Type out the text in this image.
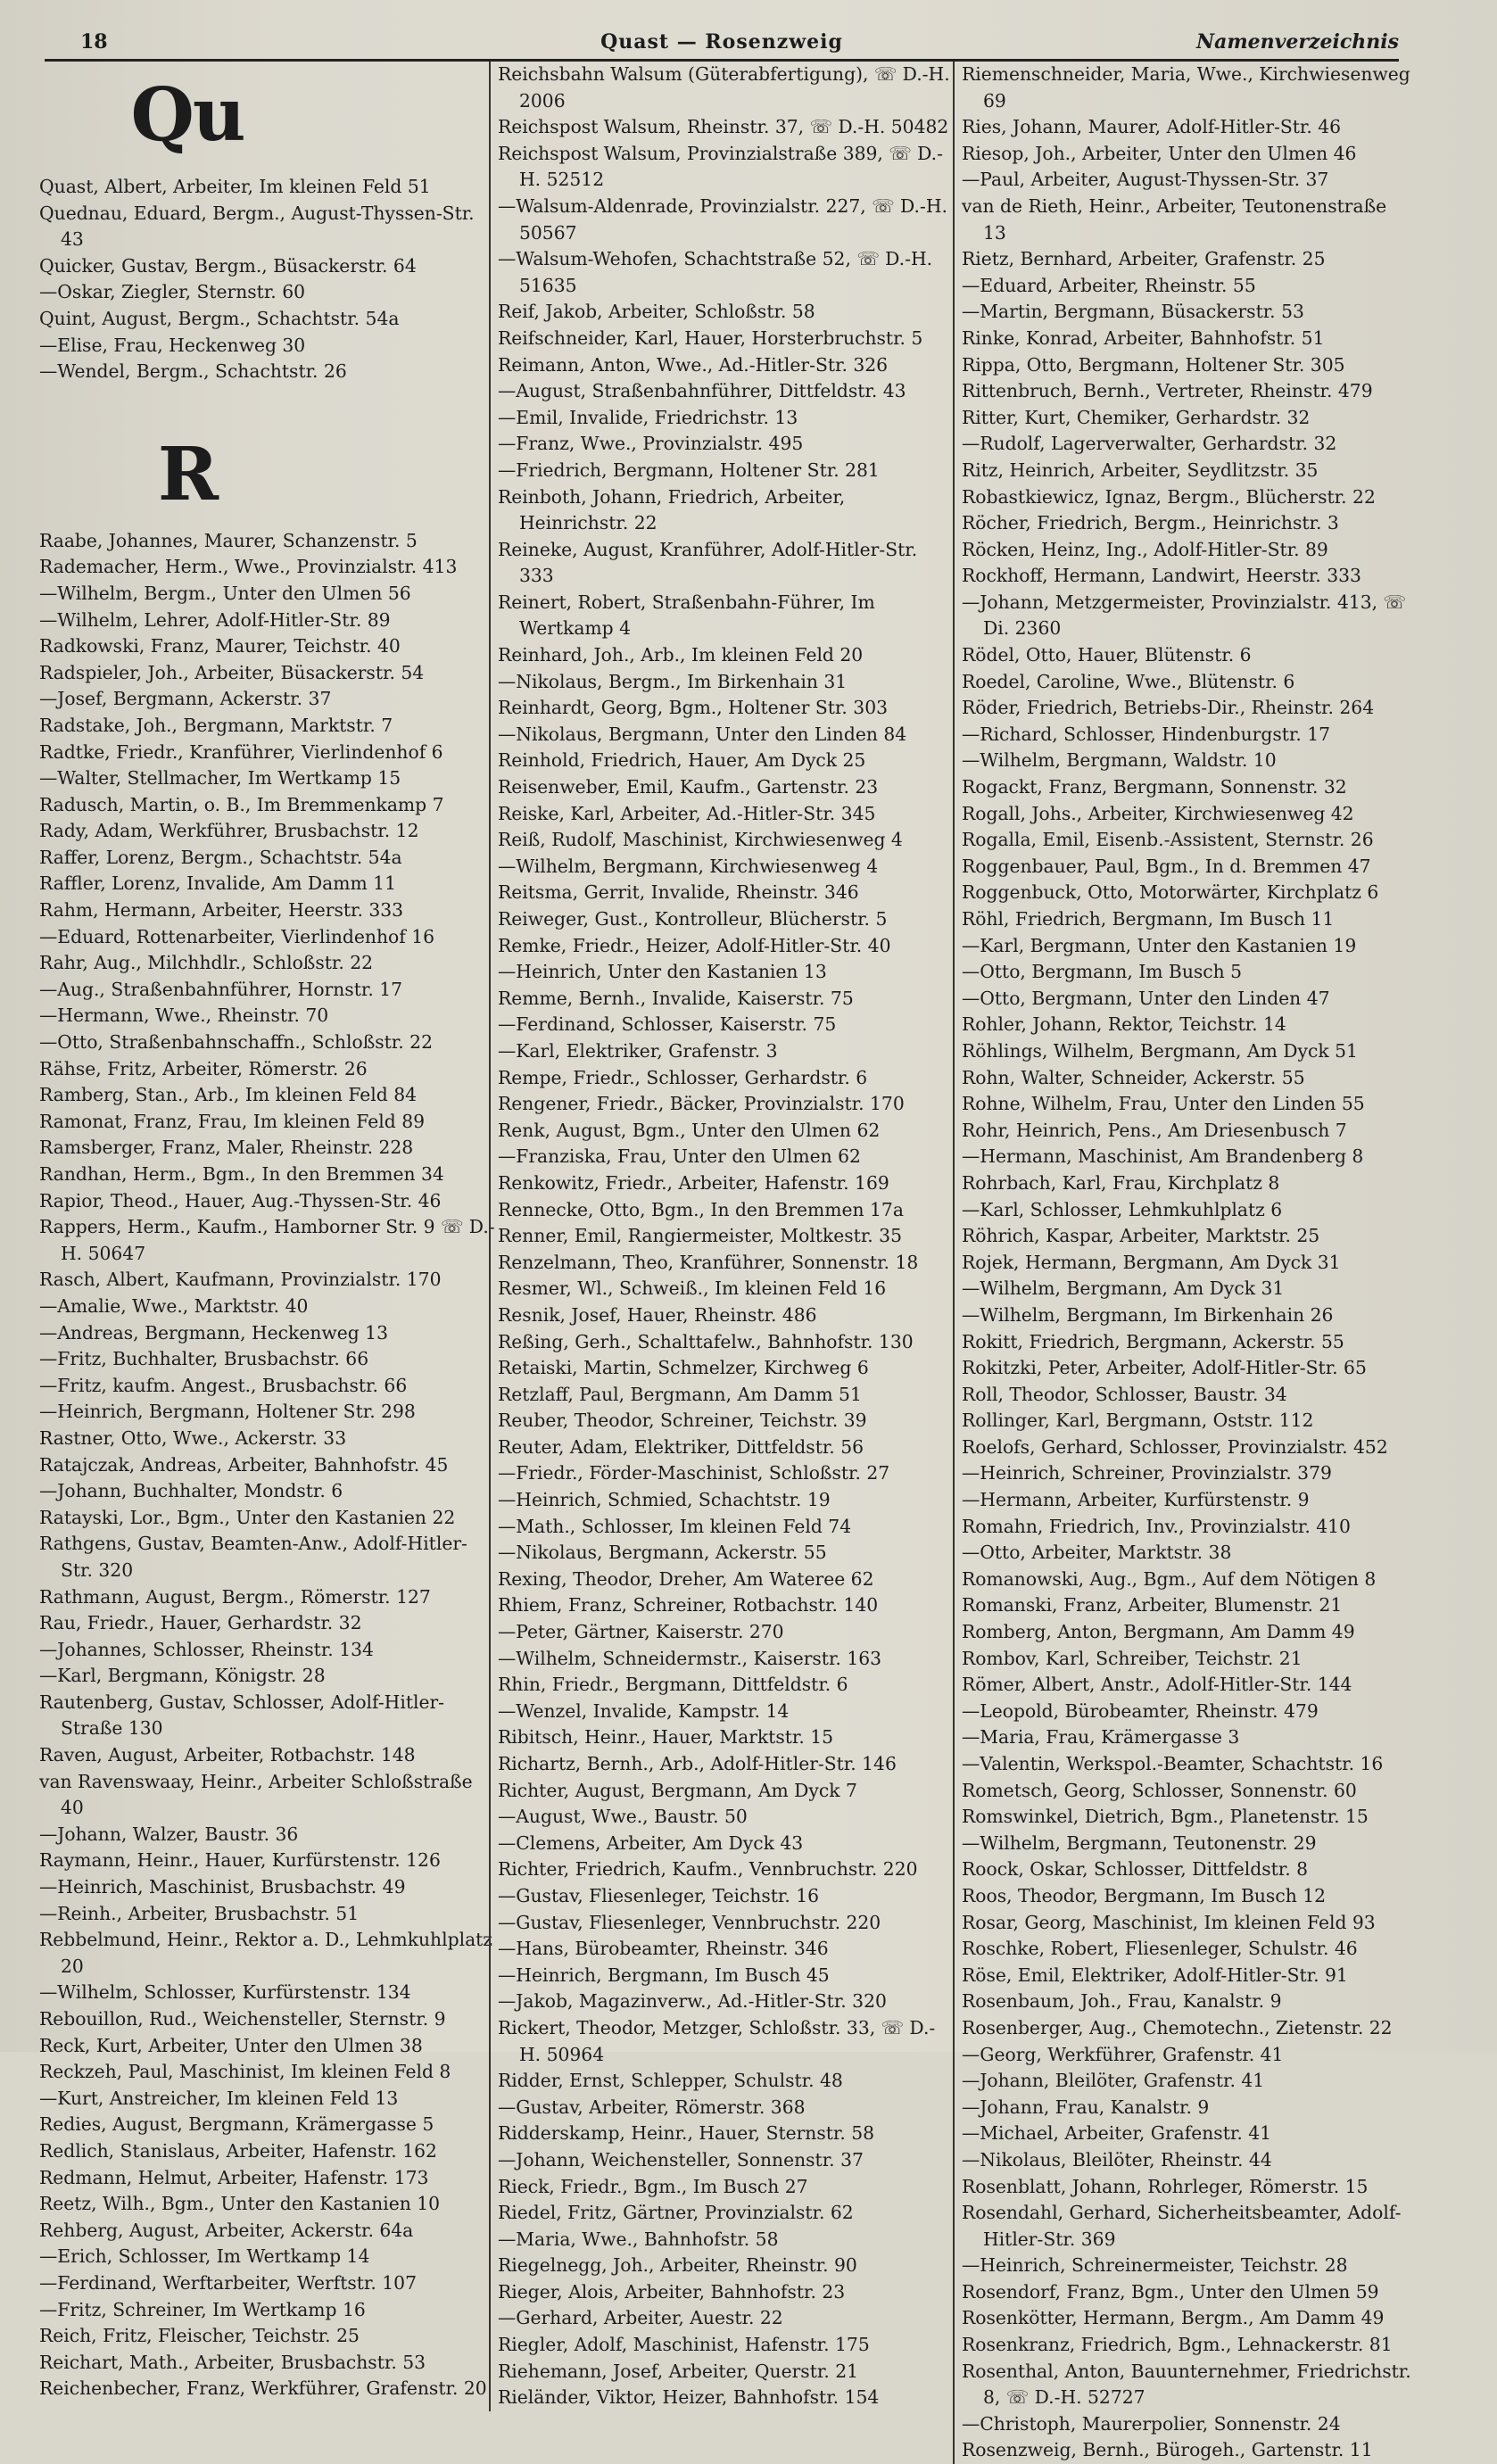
18	Quast — Rosenzweig	Namenverzeichnis
Qu
Quast, Albert, Arbeiter, Im kleinen Feld 51
Quednau, Eduard, Bergm., August-Thyssen-Str. 43
Quicker, Gustav, Bergm., Büsackerstr. 64
—Oskar, Ziegler, Sternstr. 60
Quint, August, Bergm., Schachtstr. 54a
—Elise, Frau, Heckenweg 30
—Wendel, Bergm., Schachtstr. 26
R
Raabe, Johannes, Maurer, Schanzenstr. 5
Rademacher, Herm., Wwe., Provinzialstr. 413
—Wilhelm, Bergm., Unter den Ulmen 56
—Wilhelm, Lehrer, Adolf-Hitler-Str. 89
Radkowski, Franz, Maurer, Teichstr. 40
Radspieler, Joh., Arbeiter, Büsackerstr. 54
—Josef, Bergmann, Ackerstr. 37
Radstake, Joh., Bergmann, Marktstr. 7
Radtke, Friedr., Kranführer, Vierlindenhof 6
—Walter, Stellmacher, Im Wertkamp 15
Radusch, Martin, o. B., Im Bremmenkamp 7
Rady, Adam, Werkführer, Brusbachstr. 12
Raffer, Lorenz, Bergm., Schachtstr. 54a
Raffler, Lorenz, Invalide, Am Damm 11
Rahm, Hermann, Arbeiter, Heerstr. 333
—Eduard, Rottenarbeiter, Vierlindenhof 16
Rahr, Aug., Milchhdlr., Schloßstr. 22
—Aug., Straßenbahnführer, Hornstr. 17
—Hermann, Wwe., Rheinstr. 70
—Otto, Straßenbahnschaffn., Schloßstr. 22
Rähse, Fritz, Arbeiter, Römerstr. 26
Ramberg, Stan., Arb., Im kleinen Feld 84
Ramonat, Franz, Frau, Im kleinen Feld 89
Ramsberger, Franz, Maler, Rheinstr. 228
Randhan, Herm., Bgm., In den Bremmen 34
Rapior, Theod., Hauer, Aug.-Thyssen-Str. 46
Rappers, Herm., Kaufm., Hamborner Str. 9 ☏ D.-H. 50647
Rasch, Albert, Kaufmann, Provinzialstr. 170
—Amalie, Wwe., Marktstr. 40
—Andreas, Bergmann, Heckenweg 13
—Fritz, Buchhalter, Brusbachstr. 66
—Fritz, kaufm. Angest., Brusbachstr. 66
—Heinrich, Bergmann, Holtener Str. 298
Rastner, Otto, Wwe., Ackerstr. 33
Ratajczak, Andreas, Arbeiter, Bahnhofstr. 45
—Johann, Buchhalter, Mondstr. 6
Ratayski, Lor., Bgm., Unter den Kastanien 22
Rathgens, Gustav, Beamten-Anw., Adolf-Hitler-Str. 320
Rathmann, August, Bergm., Römerstr. 127
Rau, Friedr., Hauer, Gerhardstr. 32
—Johannes, Schlosser, Rheinstr. 134
—Karl, Bergmann, Königstr. 28
Rautenberg, Gustav, Schlosser, Adolf-Hitler-Straße 130
Raven, August, Arbeiter, Rotbachstr. 148
van Ravenswaay, Heinr., Arbeiter Schloßstraße 40
—Johann, Walzer, Baustr. 36
Raymann, Heinr., Hauer, Kurfürstenstr. 126
—Heinrich, Maschinist, Brusbachstr. 49
—Reinh., Arbeiter, Brusbachstr. 51
Rebbelmund, Heinr., Rektor a. D., Lehmkuhlplatz 20
—Wilhelm, Schlosser, Kurfürstenstr. 134
Rebouillon, Rud., Weichensteller, Sternstr. 9
Reck, Kurt, Arbeiter, Unter den Ulmen 38
Reckzeh, Paul, Maschinist, Im kleinen Feld 8
—Kurt, Anstreicher, Im kleinen Feld 13
Redies, August, Bergmann, Krämergasse 5
Redlich, Stanislaus, Arbeiter, Hafenstr. 162
Redmann, Helmut, Arbeiter, Hafenstr. 173
Reetz, Wilh., Bgm., Unter den Kastanien 10
Rehberg, August, Arbeiter, Ackerstr. 64a
—Erich, Schlosser, Im Wertkamp 14
—Ferdinand, Werftarbeiter, Werftstr. 107
—Fritz, Schreiner, Im Wertkamp 16
Reich, Fritz, Fleischer, Teichstr. 25
Reichart, Math., Arbeiter, Brusbachstr. 53
Reichenbecher, Franz, Werkführer, Grafenstr. 20
Reichsbahn Walsum (Güterabfertigung), ☏ D.-H. 2006
Reichspost Walsum, Rheinstr. 37, ☏ D.-H. 50482
Reichspost Walsum, Provinzialstraße 389, ☏ D.-H. 52512
—Walsum-Aldenrade, Provinzialstr. 227, ☏ D.-H. 50567
—Walsum-Wehofen, Schachtstraße 52, ☏ D.-H. 51635
Reif, Jakob, Arbeiter, Schloßstr. 58
Reifschneider, Karl, Hauer, Horsterbruchstr. 5
Reimann, Anton, Wwe., Ad.-Hitler-Str. 326
—August, Straßenbahnführer, Dittfeldstr. 43
—Emil, Invalide, Friedrichstr. 13
—Franz, Wwe., Provinzialstr. 495
—Friedrich, Bergmann, Holtener Str. 281
Reinboth, Johann, Friedrich, Arbeiter, Heinrichstr. 22
Reineke, August, Kranführer, Adolf-Hitler-Str. 333
Reinert, Robert, Straßenbahn-Führer, Im Wertkamp 4
Reinhard, Joh., Arb., Im kleinen Feld 20
—Nikolaus, Bergm., Im Birkenhain 31
Reinhardt, Georg, Bgm., Holtener Str. 303
—Nikolaus, Bergmann, Unter den Linden 84
Reinhold, Friedrich, Hauer, Am Dyck 25
Reisenweber, Emil, Kaufm., Gartenstr. 23
Reiske, Karl, Arbeiter, Ad.-Hitler-Str. 345
Reiß, Rudolf, Maschinist, Kirchwiesenweg 4
—Wilhelm, Bergmann, Kirchwiesenweg 4
Reitsma, Gerrit, Invalide, Rheinstr. 346
Reiweger, Gust., Kontrolleur, Blücherstr. 5
Remke, Friedr., Heizer, Adolf-Hitler-Str. 40
—Heinrich, Unter den Kastanien 13
Remme, Bernh., Invalide, Kaiserstr. 75
—Ferdinand, Schlosser, Kaiserstr. 75
—Karl, Elektriker, Grafenstr. 3
Rempe, Friedr., Schlosser, Gerhardstr. 6
Rengener, Friedr., Bäcker, Provinzialstr. 170
Renk, August, Bgm., Unter den Ulmen 62
—Franziska, Frau, Unter den Ulmen 62
Renkowitz, Friedr., Arbeiter, Hafenstr. 169
Rennecke, Otto, Bgm., In den Bremmen 17a
Renner, Emil, Rangiermeister, Moltkestr. 35
Renzelmann, Theo, Kranführer, Sonnenstr. 18
Resmer, Wl., Schweiß., Im kleinen Feld 16
Resnik, Josef, Hauer, Rheinstr. 486
Reßing, Gerh., Schalttafelw., Bahnhofstr. 130
Retaiski, Martin, Schmelzer, Kirchweg 6
Retzlaff, Paul, Bergmann, Am Damm 51
Reuber, Theodor, Schreiner, Teichstr. 39
Reuter, Adam, Elektriker, Dittfeldstr. 56
—Friedr., Förder-Maschinist, Schloßstr. 27
—Heinrich, Schmied, Schachtstr. 19
—Math., Schlosser, Im kleinen Feld 74
—Nikolaus, Bergmann, Ackerstr. 55
Rexing, Theodor, Dreher, Am Wateree 62
Rhiem, Franz, Schreiner, Rotbachstr. 140
—Peter, Gärtner, Kaiserstr. 270
—Wilhelm, Schneidermstr., Kaiserstr. 163
Rhin, Friedr., Bergmann, Dittfeldstr. 6
—Wenzel, Invalide, Kampstr. 14
Ribitsch, Heinr., Hauer, Marktstr. 15
Richartz, Bernh., Arb., Adolf-Hitler-Str. 146
Richter, August, Bergmann, Am Dyck 7
—August, Wwe., Baustr. 50
—Clemens, Arbeiter, Am Dyck 43
Richter, Friedrich, Kaufm., Vennbruchstr. 220
—Gustav, Fliesenleger, Teichstr. 16
—Gustav, Fliesenleger, Vennbruchstr. 220
—Hans, Bürobeamter, Rheinstr. 346
—Heinrich, Bergmann, Im Busch 45
—Jakob, Magazinverw., Ad.-Hitler-Str. 320
Rickert, Theodor, Metzger, Schloßstr. 33, ☏ D.-H. 50964
Ridder, Ernst, Schlepper, Schulstr. 48
—Gustav, Arbeiter, Römerstr. 368
Ridderskamp, Heinr., Hauer, Sternstr. 58
—Johann, Weichensteller, Sonnenstr. 37
Rieck, Friedr., Bgm., Im Busch 27
Riedel, Fritz, Gärtner, Provinzialstr. 62
—Maria, Wwe., Bahnhofstr. 58
Riegelnegg, Joh., Arbeiter, Rheinstr. 90
Rieger, Alois, Arbeiter, Bahnhofstr. 23
—Gerhard, Arbeiter, Auestr. 22
Riegler, Adolf, Maschinist, Hafenstr. 175
Riehemann, Josef, Arbeiter, Querstr. 21
Rieländer, Viktor, Heizer, Bahnhofstr. 154
Riemenschneider, Maria, Wwe., Kirchwiesenweg 69
Ries, Johann, Maurer, Adolf-Hitler-Str. 46
Riesop, Joh., Arbeiter, Unter den Ulmen 46
—Paul, Arbeiter, August-Thyssen-Str. 37
van de Rieth, Heinr., Arbeiter, Teutonenstraße 13
Rietz, Bernhard, Arbeiter, Grafenstr. 25
—Eduard, Arbeiter, Rheinstr. 55
—Martin, Bergmann, Büsackerstr. 53
Rinke, Konrad, Arbeiter, Bahnhofstr. 51
Rippa, Otto, Bergmann, Holtener Str. 305
Rittenbruch, Bernh., Vertreter, Rheinstr. 479
Ritter, Kurt, Chemiker, Gerhardstr. 32
—Rudolf, Lagerverwalter, Gerhardstr. 32
Ritz, Heinrich, Arbeiter, Seydlitzstr. 35
Robastkiewicz, Ignaz, Bergm., Blücherstr. 22
Röcher, Friedrich, Bergm., Heinrichstr. 3
Röcken, Heinz, Ing., Adolf-Hitler-Str. 89
Rockhoff, Hermann, Landwirt, Heerstr. 333
—Johann, Metzgermeister, Provinzialstr. 413, ☏ Di. 2360
Rödel, Otto, Hauer, Blütenstr. 6
Roedel, Caroline, Wwe., Blütenstr. 6
Röder, Friedrich, Betriebs-Dir., Rheinstr. 264
—Richard, Schlosser, Hindenburgstr. 17
—Wilhelm, Bergmann, Waldstr. 10
Rogackt, Franz, Bergmann, Sonnenstr. 32
Rogall, Johs., Arbeiter, Kirchwiesenweg 42
Rogalla, Emil, Eisenb.-Assistent, Sternstr. 26
Roggenbauer, Paul, Bgm., In d. Bremmen 47
Roggenbuck, Otto, Motorwärter, Kirchplatz 6
Röhl, Friedrich, Bergmann, Im Busch 11
—Karl, Bergmann, Unter den Kastanien 19
—Otto, Bergmann, Im Busch 5
—Otto, Bergmann, Unter den Linden 47
Rohler, Johann, Rektor, Teichstr. 14
Röhlings, Wilhelm, Bergmann, Am Dyck 51
Rohn, Walter, Schneider, Ackerstr. 55
Rohne, Wilhelm, Frau, Unter den Linden 55
Rohr, Heinrich, Pens., Am Driesenbusch 7
—Hermann, Maschinist, Am Brandenberg 8
Rohrbach, Karl, Frau, Kirchplatz 8
—Karl, Schlosser, Lehmkuhlplatz 6
Röhrich, Kaspar, Arbeiter, Marktstr. 25
Rojek, Hermann, Bergmann, Am Dyck 31
—Wilhelm, Bergmann, Am Dyck 31
—Wilhelm, Bergmann, Im Birkenhain 26
Rokitt, Friedrich, Bergmann, Ackerstr. 55
Rokitzki, Peter, Arbeiter, Adolf-Hitler-Str. 65
Roll, Theodor, Schlosser, Baustr. 34
Rollinger, Karl, Bergmann, Oststr. 112
Roelofs, Gerhard, Schlosser, Provinzialstr. 452
—Heinrich, Schreiner, Provinzialstr. 379
—Hermann, Arbeiter, Kurfürstenstr. 9
Romahn, Friedrich, Inv., Provinzialstr. 410
—Otto, Arbeiter, Marktstr. 38
Romanowski, Aug., Bgm., Auf dem Nötigen 8
Romanski, Franz, Arbeiter, Blumenstr. 21
Romberg, Anton, Bergmann, Am Damm 49
Rombov, Karl, Schreiber, Teichstr. 21
Römer, Albert, Anstr., Adolf-Hitler-Str. 144
—Leopold, Bürobeamter, Rheinstr. 479
—Maria, Frau, Krämergasse 3
—Valentin, Werkspol.-Beamter, Schachtstr. 16
Rometsch, Georg, Schlosser, Sonnenstr. 60
Romswinkel, Dietrich, Bgm., Planetenstr. 15
—Wilhelm, Bergmann, Teutonenstr. 29
Roock, Oskar, Schlosser, Dittfeldstr. 8
Roos, Theodor, Bergmann, Im Busch 12
Rosar, Georg, Maschinist, Im kleinen Feld 93
Roschke, Robert, Fliesenleger, Schulstr. 46
Röse, Emil, Elektriker, Adolf-Hitler-Str. 91
Rosenbaum, Joh., Frau, Kanalstr. 9
Rosenberger, Aug., Chemotechn., Zietenstr. 22
—Georg, Werkführer, Grafenstr. 41
—Johann, Bleilöter, Grafenstr. 41
—Johann, Frau, Kanalstr. 9
—Michael, Arbeiter, Grafenstr. 41
—Nikolaus, Bleilöter, Rheinstr. 44
Rosenblatt, Johann, Rohrleger, Römerstr. 15
Rosendahl, Gerhard, Sicherheitsbeamter, Adolf-Hitler-Str. 369
—Heinrich, Schreinermeister, Teichstr. 28
Rosendorf, Franz, Bgm., Unter den Ulmen 59
Rosenkötter, Hermann, Bergm., Am Damm 49
Rosenkranz, Friedrich, Bgm., Lehnackerstr. 81
Rosenthal, Anton, Bauunternehmer, Friedrichstr. 8, ☏ D.-H. 52727
—Christoph, Maurerpolier, Sonnenstr. 24
Rosenzweig, Bernh., Bürogeh., Gartenstr. 11
